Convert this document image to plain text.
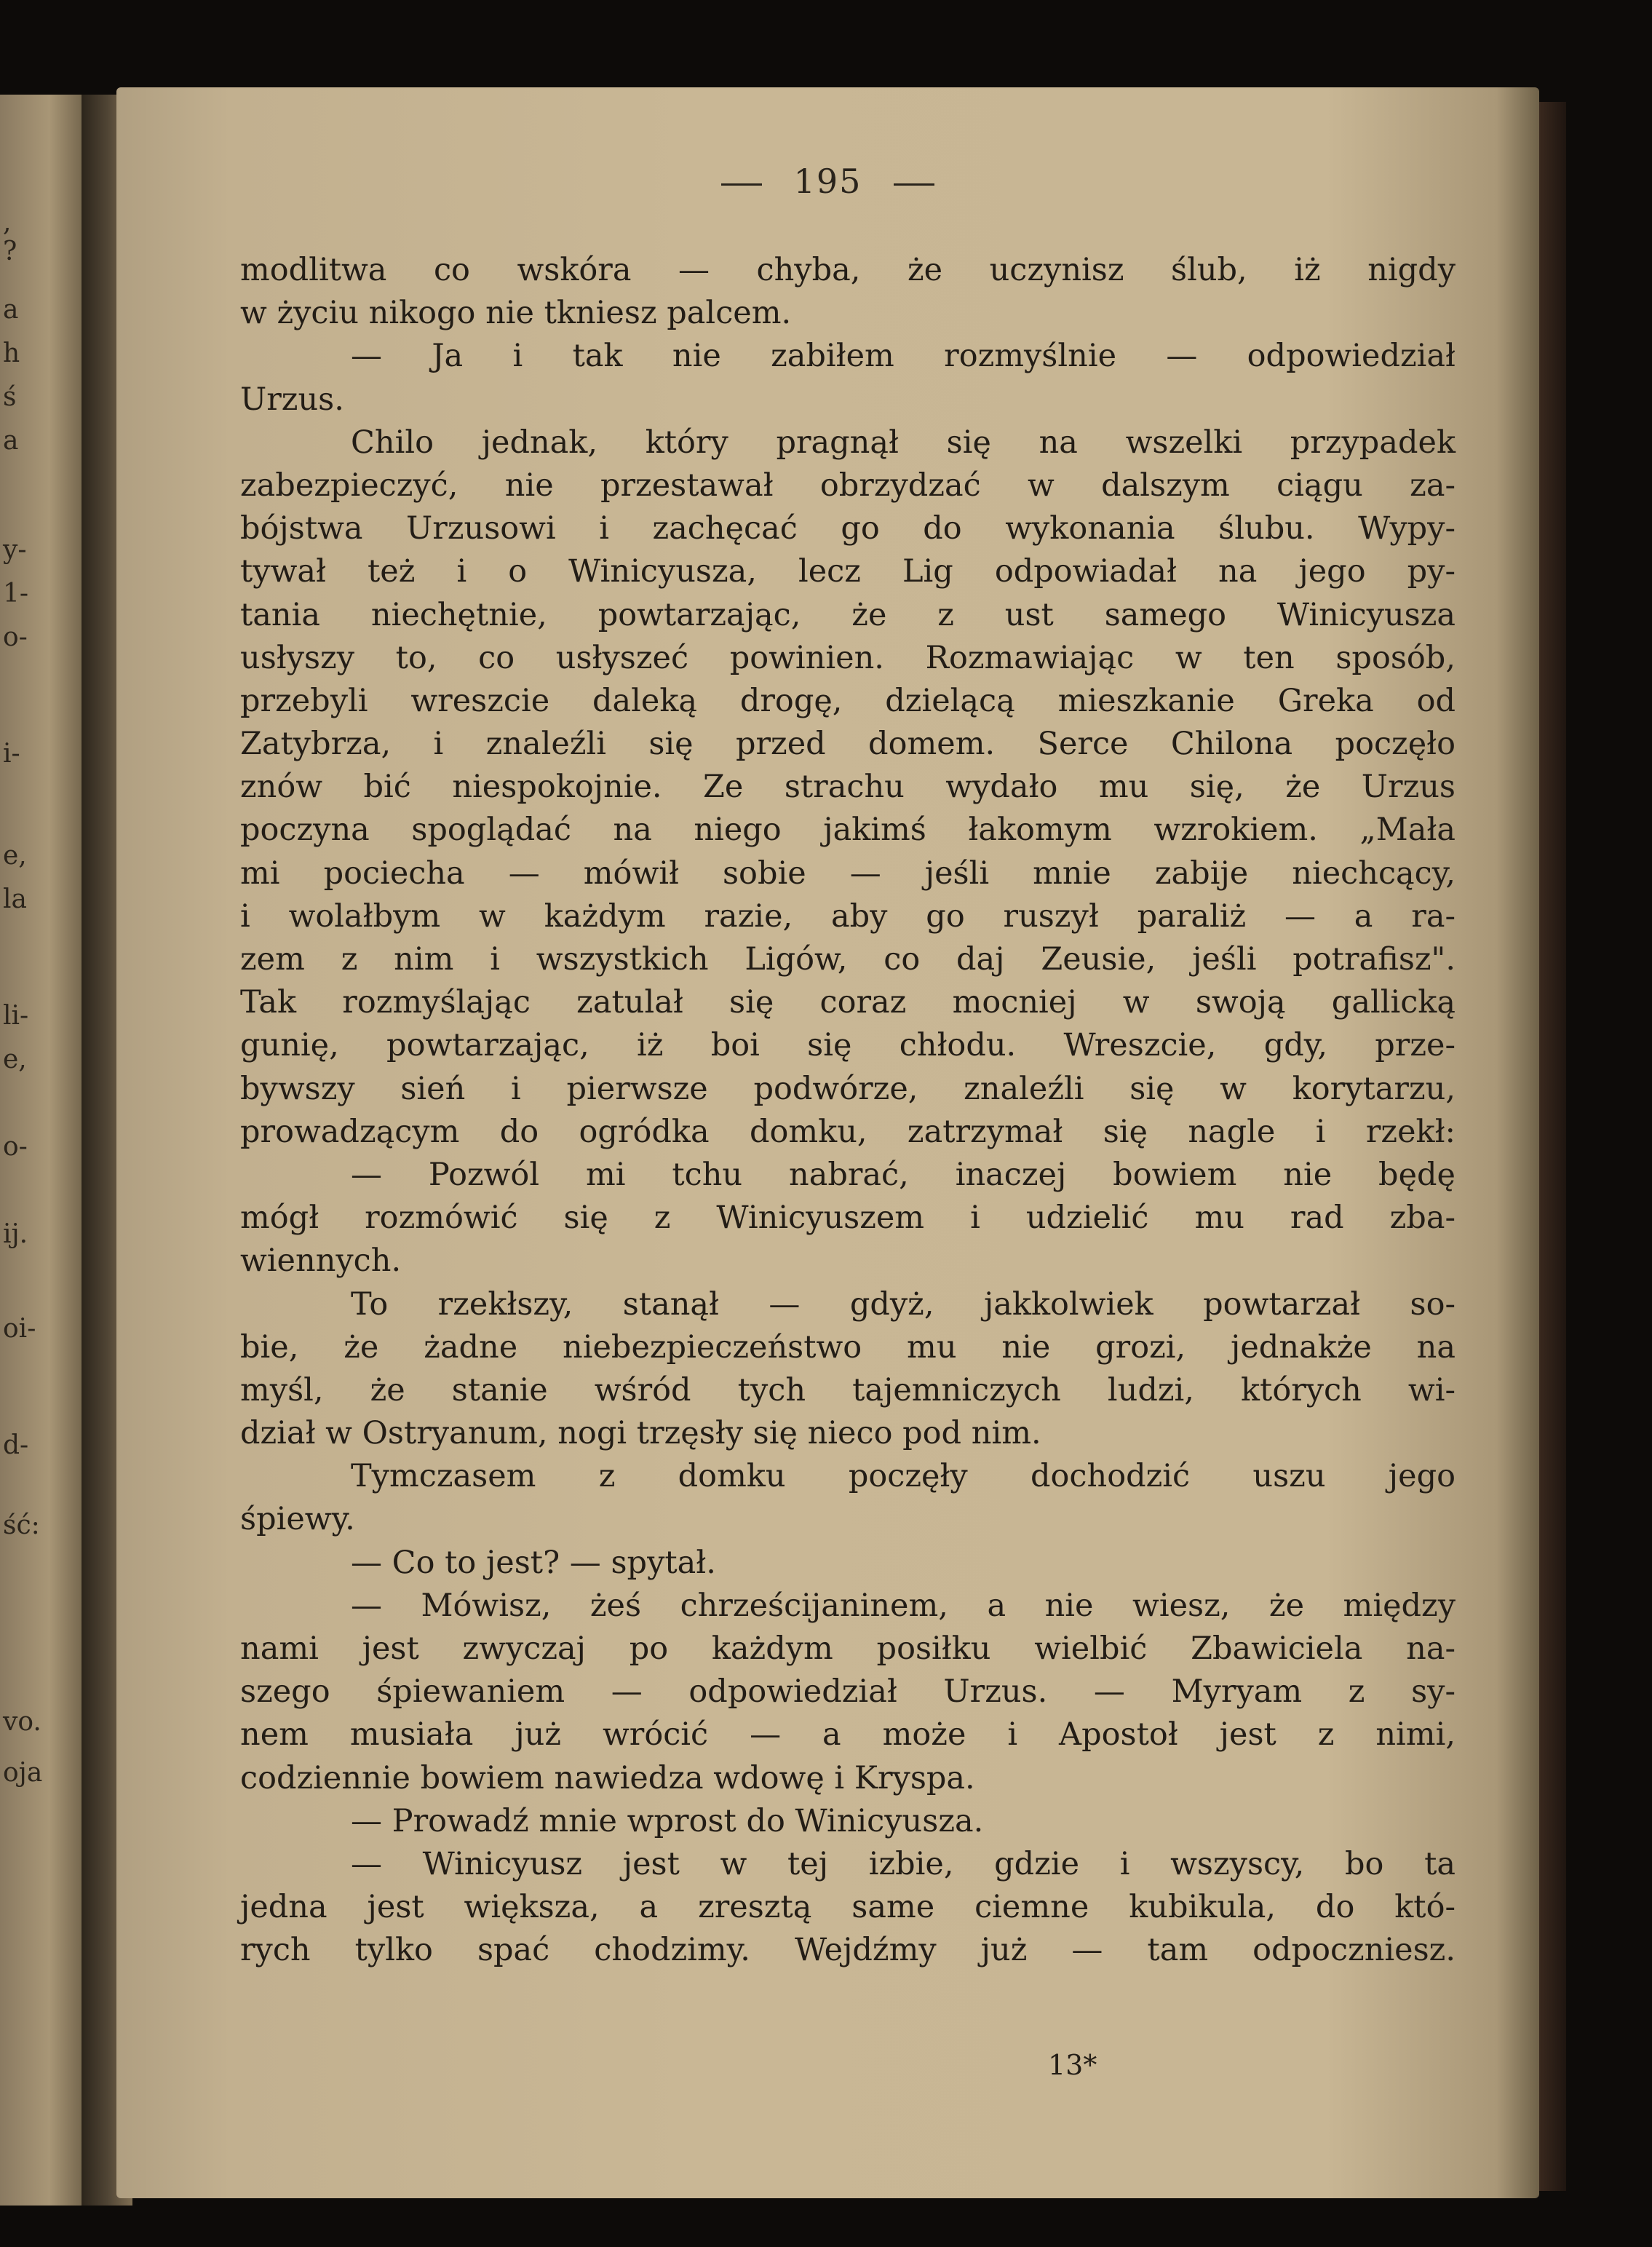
,
?
a
h
ś
a
y-
1-
o-
i-
e,
la
li-
e,
o-
ij.
oi-
d-
ść:
vo.
oja
195
modlitwa co wskóra — chyba, że uczynisz ślub, iż nigdy
w życiu nikogo nie tkniesz palcem.
— Ja i tak nie zabiłem rozmyślnie — odpowiedział
Urzus.
Chilo jednak, który pragnął się na wszelki przypadek
zabezpieczyć, nie przestawał obrzydzać w dalszym ciągu za-
bójstwa Urzusowi i zachęcać go do wykonania ślubu. Wypy-
tywał też i o Winicyusza, lecz Lig odpowiadał na jego py-
tania niechętnie, powtarzając, że z ust samego Winicyusza
usłyszy to, co usłyszeć powinien. Rozmawiając w ten sposób,
przebyli wreszcie daleką drogę, dzielącą mieszkanie Greka od
Zatybrza, i znaleźli się przed domem. Serce Chilona poczęło
znów bić niespokojnie. Ze strachu wydało mu się, że Urzus
poczyna spoglądać na niego jakimś łakomym wzrokiem. „Mała
mi pociecha — mówił sobie — jeśli mnie zabije niechcący,
i wolałbym w każdym razie, aby go ruszył paraliż — a ra-
zem z nim i wszystkich Ligów, co daj Zeusie, jeśli potrafisz".
Tak rozmyślając zatulał się coraz mocniej w swoją gallicką
gunię, powtarzając, iż boi się chłodu. Wreszcie, gdy, prze-
bywszy sień i pierwsze podwórze, znaleźli się w korytarzu,
prowadzącym do ogródka domku, zatrzymał się nagle i rzekł:
— Pozwól mi tchu nabrać, inaczej bowiem nie będę
mógł rozmówić się z Winicyuszem i udzielić mu rad zba-
wiennych.
To rzekłszy, stanął — gdyż, jakkolwiek powtarzał so-
bie, że żadne niebezpieczeństwo mu nie grozi, jednakże na
myśl, że stanie wśród tych tajemniczych ludzi, których wi-
dział w Ostryanum, nogi trzęsły się nieco pod nim.
Tymczasem z domku poczęły dochodzić uszu jego
śpiewy.
— Co to jest? — spytał.
— Mówisz, żeś chrześcijaninem, a nie wiesz, że między
nami jest zwyczaj po każdym posiłku wielbić Zbawiciela na-
szego śpiewaniem — odpowiedział Urzus. — Myryam z sy-
nem musiała już wrócić — a może i Apostoł jest z nimi,
codziennie bowiem nawiedza wdowę i Kryspa.
— Prowadź mnie wprost do Winicyusza.
— Winicyusz jest w tej izbie, gdzie i wszyscy, bo ta
jedna jest większa, a zresztą same ciemne kubikula, do któ-
rych tylko spać chodzimy. Wejdźmy już — tam odpoczniesz.
13*
